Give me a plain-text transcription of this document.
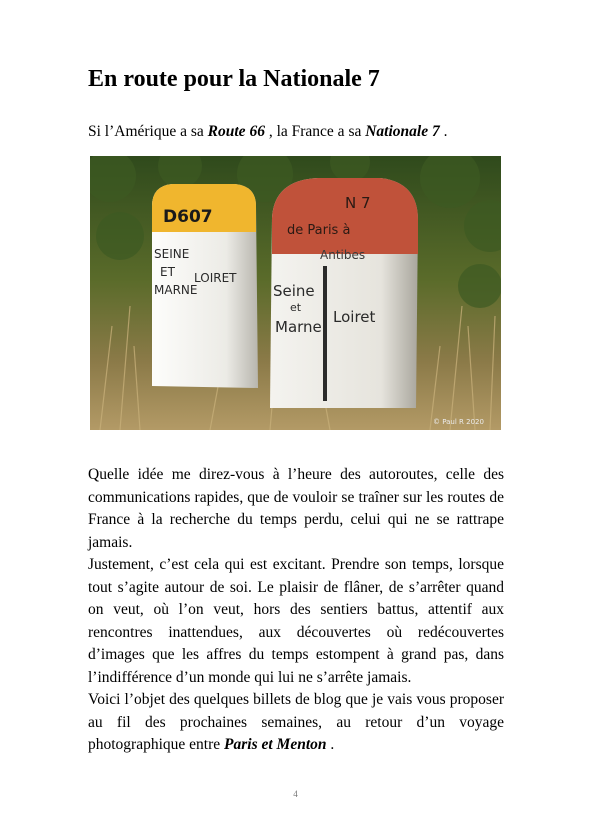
En route pour la Nationale 7

Si l’Amérique a sa Route 66 , la France a sa Nationale 7 .

D607
SEINE ET MARNE
LOIRET
N 7
de Paris à
Antibes
Seine et Marne
Loiret
© Paul R 2020

Quelle idée me direz-vous à l’heure des autoroutes, celle des communications rapides, que de vouloir se traîner sur les routes de France à la recherche du temps perdu, celui qui ne se rattrape jamais.

Justement, c’est cela qui est excitant. Prendre son temps, lorsque tout s’agite autour de soi. Le plaisir de flâner, de s’arrêter quand on veut, où l’on veut, hors des sentiers battus, attentif aux rencontres inattendues, aux découvertes où redécouvertes d’images que les affres du temps estompent à grand pas, dans l’indifférence d’un monde qui lui ne s’arrête jamais.

Voici l’objet des quelques billets de blog que je vais vous proposer au fil des prochaines semaines, au retour d’un voyage photographique entre Paris et Menton .

4
